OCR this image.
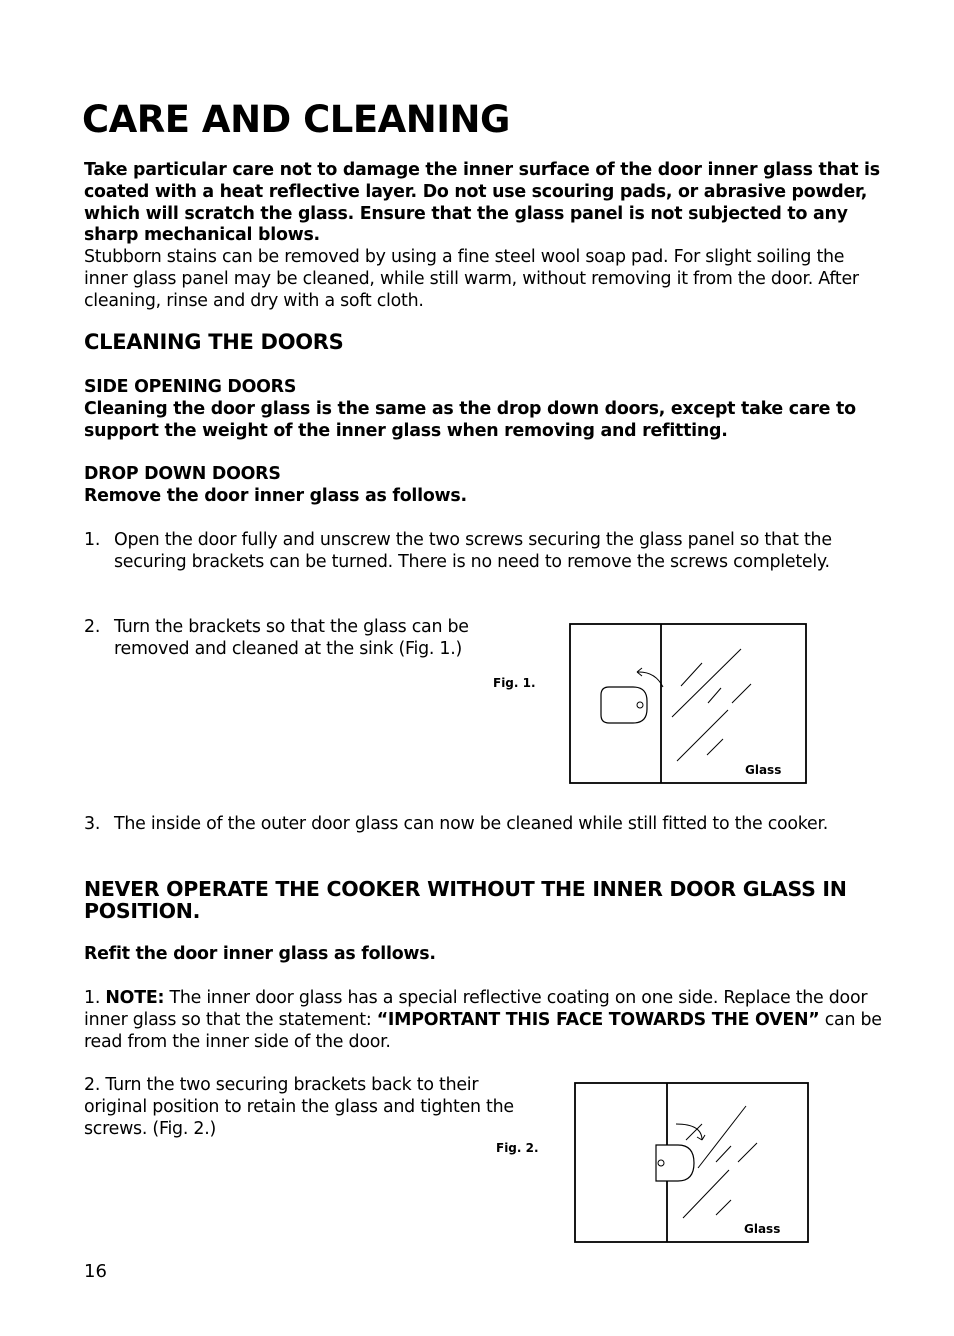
CARE AND CLEANING

Take particular care not to damage the inner surface of the door inner glass that is coated with a heat reflective layer. Do not use scouring pads, or abrasive powder, which will scratch the glass. Ensure that the glass panel is not subjected to any sharp mechanical blows.
Stubborn stains can be removed by using a fine steel wool soap pad. For slight soiling the inner glass panel may be cleaned, while still warm, without removing it from the door. After cleaning, rinse and dry with a soft cloth.

CLEANING THE DOORS

SIDE OPENING DOORS
Cleaning the door glass is the same as the drop down doors, except take care to support the weight of the inner glass when removing and refitting.

DROP DOWN DOORS
Remove the door inner glass as follows.

1. Open the door fully and unscrew the two screws securing the glass panel so that the securing brackets can be turned. There is no need to remove the screws completely.
2. Turn the brackets so that the glass can be removed and cleaned at the sink (Fig. 1.)
Fig. 1.
Glass
3. The inside of the outer door glass can now be cleaned while still fitted to the cooker.
NEVER OPERATE THE COOKER WITHOUT THE INNER DOOR GLASS IN POSITION.

Refit the door inner glass as follows.

1. NOTE: The inner door glass has a special reflective coating on one side. Replace the door inner glass so that the statement: “IMPORTANT THIS FACE TOWARDS THE OVEN” can be read from the inner side of the door.

2. Turn the two securing brackets back to their original position to retain the glass and tighten the screws. (Fig. 2.)

Fig. 2.
Glass
16
